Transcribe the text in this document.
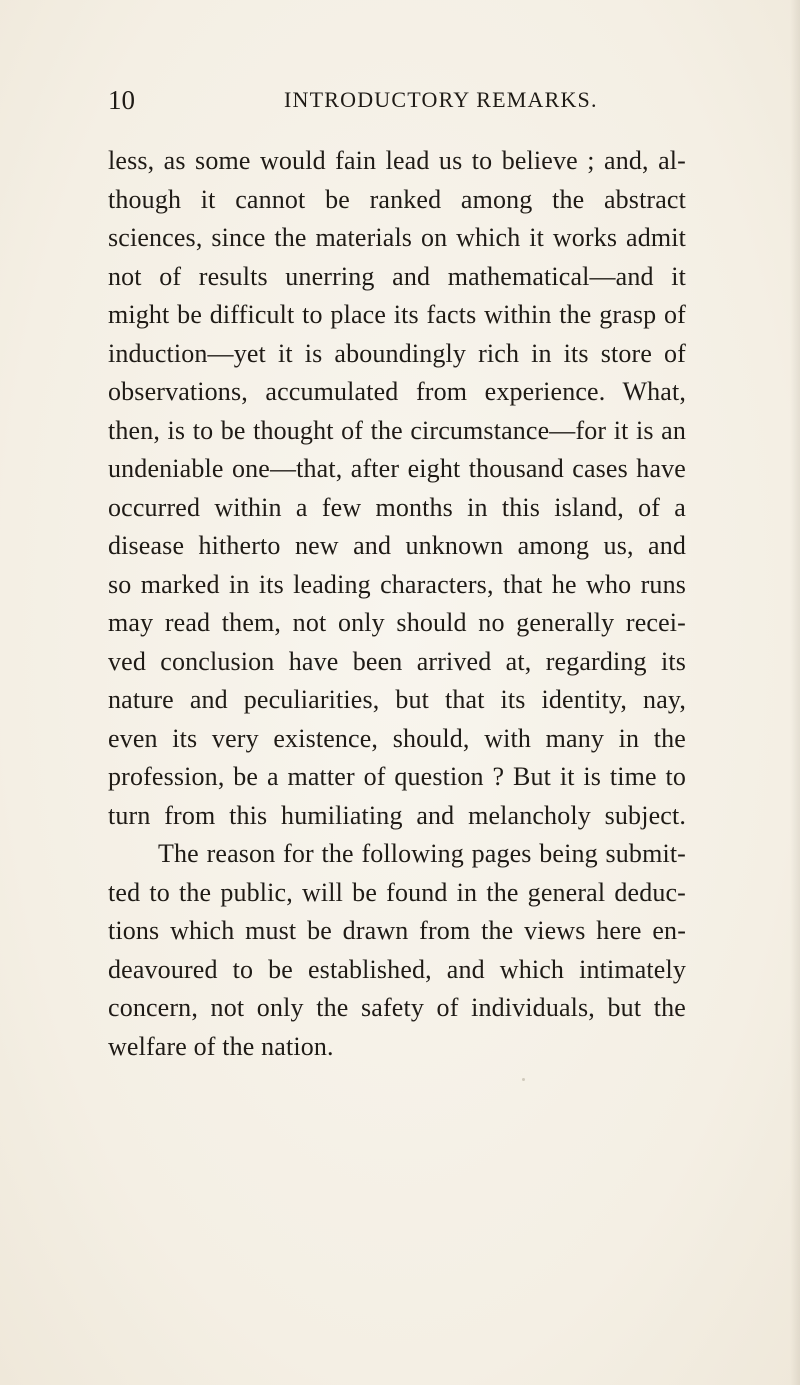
10	INTRODUCTORY REMARKS.
less, as some would fain lead us to believe ; and, al-
though it cannot be ranked among the abstract
sciences, since the materials on which it works admit
not of results unerring and mathematical—and it
might be difficult to place its facts within the grasp of
induction—yet it is aboundingly rich in its store of
observations, accumulated from experience. What,
then, is to be thought of the circumstance—for it is an
undeniable one—that, after eight thousand cases have
occurred within a few months in this island, of a
disease hitherto new and unknown among us, and
so marked in its leading characters, that he who runs
may read them, not only should no generally recei-
ved conclusion have been arrived at, regarding its
nature and peculiarities, but that its identity, nay,
even its very existence, should, with many in the
profession, be a matter of question ? But it is time to
turn from this humiliating and melancholy subject.
The reason for the following pages being submit-
ted to the public, will be found in the general deduc-
tions which must be drawn from the views here en-
deavoured to be established, and which intimately
concern, not only the safety of individuals, but the
welfare of the nation.
